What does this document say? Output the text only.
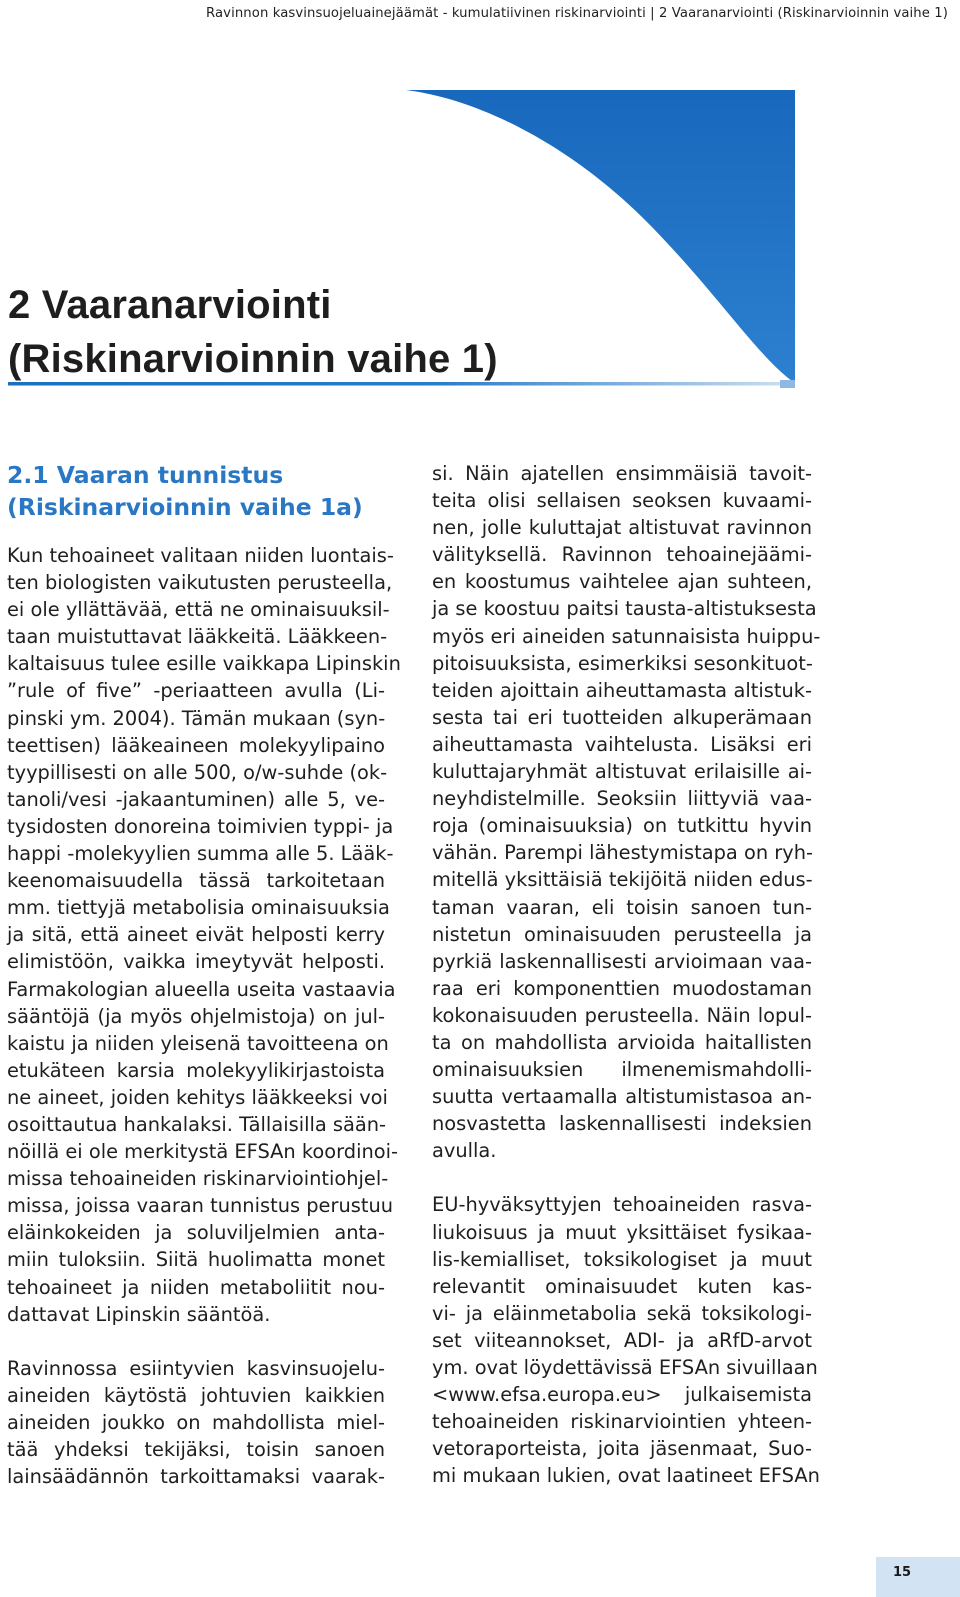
Ravinnon kasvinsuojeluainejäämät - kumulatiivinen riskinarviointi | 2 Vaaranarviointi (Riskinarvioinnin vaihe 1)
2 Vaaranarviointi
(Riskinarvioinnin vaihe 1)
2.1 Vaaran tunnistus
(Riskinarvioinnin vaihe 1a)
Kun tehoaineet valitaan niiden luontais-
ten biologisten vaikutusten perusteella,
ei ole yllättävää, että ne ominaisuuksil-
taan muistuttavat lääkkeitä. Lääkkeen-
kaltaisuus tulee esille vaikkapa Lipinskin
”rule of five” -periaatteen avulla (Li-
pinski ym. 2004). Tämän mukaan (syn-
teettisen) lääkeaineen molekyylipaino
tyypillisesti on alle 500, o/w-suhde (ok-
tanoli/vesi -jakaantuminen) alle 5, ve-
tysidosten donoreina toimivien typpi- ja
happi -molekyylien summa alle 5. Lääk-
keenomaisuudella tässä tarkoitetaan
mm. tiettyjä metabolisia ominaisuuksia
ja sitä, että aineet eivät helposti kerry
elimistöön, vaikka imeytyvät helposti.
Farmakologian alueella useita vastaavia
sääntöjä (ja myös ohjelmistoja) on jul-
kaistu ja niiden yleisenä tavoitteena on
etukäteen karsia molekyylikirjastoista
ne aineet, joiden kehitys lääkkeeksi voi
osoittautua hankalaksi. Tällaisilla sään-
nöillä ei ole merkitystä EFSAn koordinoi-
missa tehoaineiden riskinarviointiohjel-
missa, joissa vaaran tunnistus perustuu
eläinkokeiden ja soluviljelmien anta-
miin tuloksiin. Siitä huolimatta monet
tehoaineet ja niiden metaboliitit nou-
dattavat Lipinskin sääntöä.
Ravinnossa esiintyvien kasvinsuojelu-
aineiden käytöstä johtuvien kaikkien
aineiden joukko on mahdollista miel-
tää yhdeksi tekijäksi, toisin sanoen
lainsäädännön tarkoittamaksi vaarak-
si. Näin ajatellen ensimmäisiä tavoit-
teita olisi sellaisen seoksen kuvaami-
nen, jolle kuluttajat altistuvat ravinnon
välityksellä. Ravinnon tehoainejäämi-
en koostumus vaihtelee ajan suhteen,
ja se koostuu paitsi tausta-altistuksesta
myös eri aineiden satunnaisista huippu-
pitoisuuksista, esimerkiksi sesonkituot-
teiden ajoittain aiheuttamasta altistuk-
sesta tai eri tuotteiden alkuperämaan
aiheuttamasta vaihtelusta. Lisäksi eri
kuluttajaryhmät altistuvat erilaisille ai-
neyhdistelmille. Seoksiin liittyviä vaa-
roja (ominaisuuksia) on tutkittu hyvin
vähän. Parempi lähestymistapa on ryh-
mitellä yksittäisiä tekijöitä niiden edus-
taman vaaran, eli toisin sanoen tun-
nistetun ominaisuuden perusteella ja
pyrkiä laskennallisesti arvioimaan vaa-
raa eri komponenttien muodostaman
kokonaisuuden perusteella. Näin lopul-
ta on mahdollista arvioida haitallisten
ominaisuuksien ilmenemismahdolli-
suutta vertaamalla altistumistasoa an-
nosvastetta laskennallisesti indeksien
avulla.
EU-hyväksyttyjen tehoaineiden rasva-
liukoisuus ja muut yksittäiset fysikaa-
lis-kemialliset, toksikologiset ja muut
relevantit ominaisuudet kuten kas-
vi- ja eläinmetabolia sekä toksikologi-
set viiteannokset, ADI- ja aRfD-arvot
ym. ovat löydettävissä EFSAn sivuillaan
<www.efsa.europa.eu> julkaisemista
tehoaineiden riskinarviointien yhteen-
vetoraporteista, joita jäsenmaat, Suo-
mi mukaan lukien, ovat laatineet EFSAn
15
